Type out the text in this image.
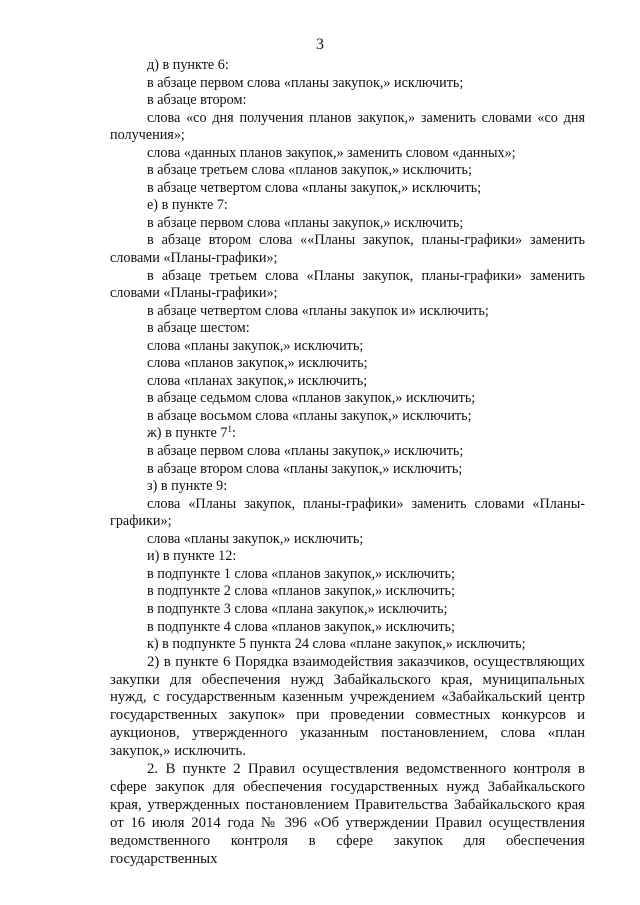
3

д) в пункте 6:

в абзаце первом слова «планы закупок,» исключить;

в абзаце втором:

слова «со дня получения планов закупок,» заменить словами «со дня получения»;

слова «данных планов закупок,» заменить словом «данных»;

в абзаце третьем слова «планов закупок,» исключить;

в абзаце четвертом слова «планы закупок,» исключить;

е) в пункте 7:

в абзаце первом слова «планы закупок,» исключить;

в абзаце втором слова ««Планы закупок, планы-графики» заменить словами «Планы-графики»;

в абзаце третьем слова «Планы закупок, планы-графики» заменить словами «Планы-графики»;

в абзаце четвертом слова «планы закупок и» исключить;

в абзаце шестом:

слова «планы закупок,» исключить;

слова «планов закупок,» исключить;

слова «планах закупок,» исключить;

в абзаце седьмом слова «планов закупок,» исключить;

в абзаце восьмом слова «планы закупок,» исключить;

ж) в пункте $7^1$:

в абзаце первом слова «планы закупок,» исключить;

в абзаце втором слова «планы закупок,» исключить;

з) в пункте 9:

слова «Планы закупок, планы-графики» заменить словами «Планы-графики»;

слова «планы закупок,» исключить;

и) в пункте 12:

в подпункте 1 слова «планов закупок,» исключить;

в подпункте 2 слова «планов закупок,» исключить;

в подпункте 3 слова «плана закупок,» исключить;

в подпункте 4 слова «планов закупок,» исключить;

к) в подпункте 5 пункта 24 слова «плане закупок,» исключить;

2) в пункте 6 Порядка взаимодействия заказчиков, осуществляющих закупки для обеспечения нужд Забайкальского края, муниципальных нужд, с государственным казенным учреждением «Забайкальский центр государственных закупок» при проведении совместных конкурсов и аукционов, утвержденного указанным постановлением, слова «план закупок,» исключить.

2. В пункте 2 Правил осуществления ведомственного контроля в сфере закупок для обеспечения государственных нужд Забайкальского края, утвержденных постановлением Правительства Забайкальского края от 16 июля 2014 года № 396 «Об утверждении Правил осуществления ведомственного контроля в сфере закупок для обеспечения государственных
